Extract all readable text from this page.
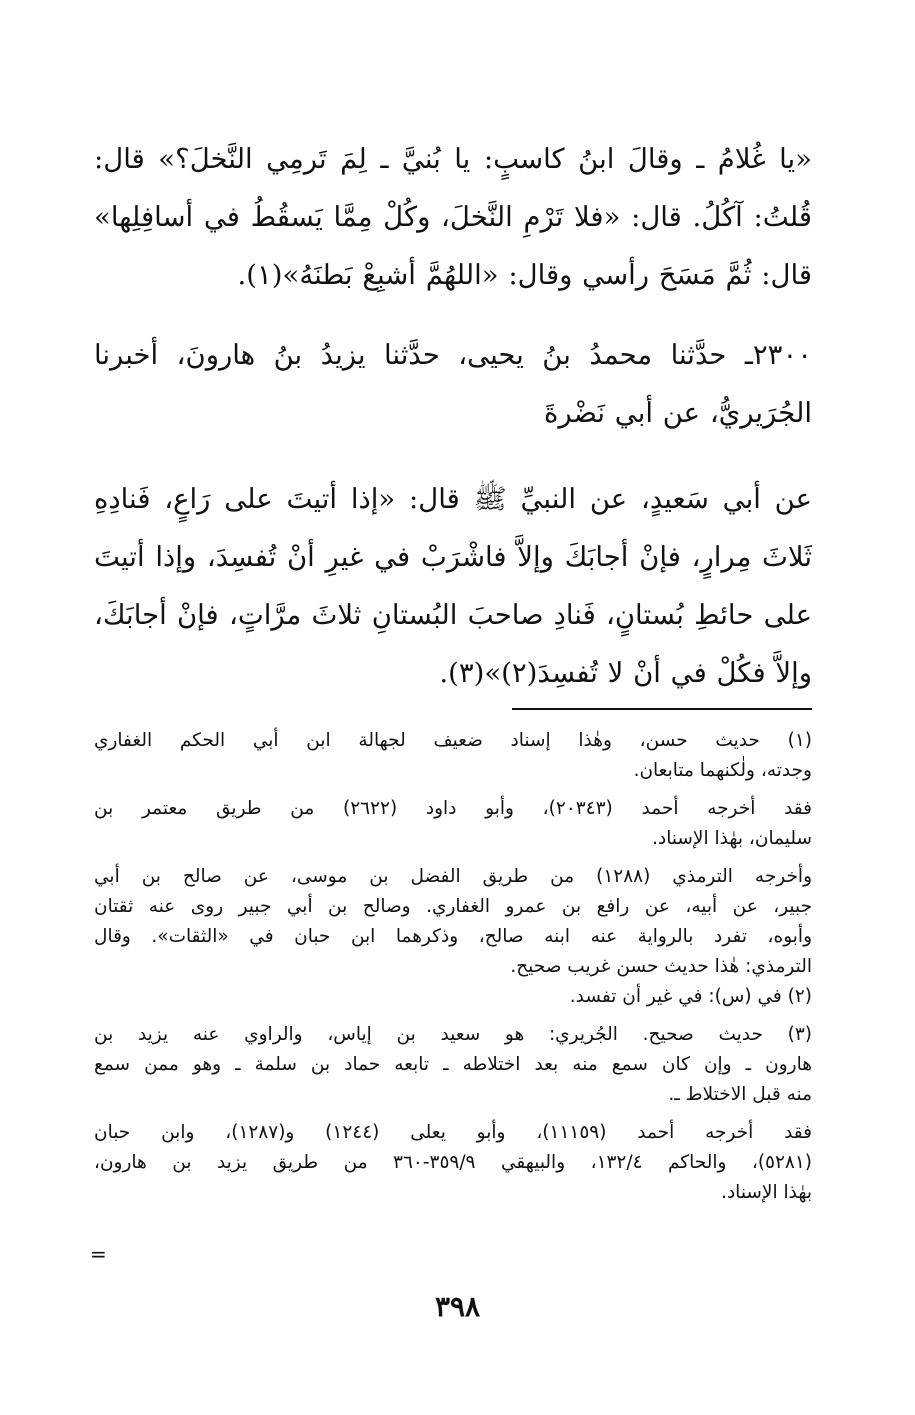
«يا غُلامُ ـ وقالَ ابنُ كاسبٍ: يا بُنيَّ ـ لِمَ تَرمِي النَّخلَ؟» قال:
قُلتُ: آكُلُ. قال: «فلا تَرْمِ النَّخلَ، وكُلْ مِمَّا يَسقُطُ في أسافِلِها»
قال: ثُمَّ مَسَحَ رأسي وقال: «اللهُمَّ أشبِعْ بَطنَهُ»(١).
٢٣٠٠ـ حدَّثنا محمدُ بنُ يحيى، حدَّثنا يزيدُ بنُ هارونَ، أخبرنا
الجُرَيريُّ، عن أبي نَضْرةَ
عن أبي سَعيدٍ، عن النبيِّ ﷺ قال: «إذا أتيتَ على رَاعٍ، فَنادِهِ
ثَلاثَ مِرارٍ، فإنْ أجابَكَ وإلاَّ فاشْرَبْ في غيرِ أنْ تُفسِدَ، وإذا أتيتَ
على حائطِ بُستانٍ، فَنادِ صاحبَ البُستانِ ثلاثَ مرَّاتٍ، فإنْ أجابَكَ،
وإلاَّ فكُلْ في أنْ لا تُفسِدَ(٢)»(٣).
(١) حديث حسن، وهٰذا إسناد ضعيف لجهالة ابن أبي الحكم الغفاري
وجدته، ولٰكنهما متابعان.
فقد أخرجه أحمد (٢٠٣٤٣)، وأبو داود (٢٦٢٢) من طريق معتمر بن
سليمان، بهٰذا الإسناد.
وأخرجه الترمذي (١٢٨٨) من طريق الفضل بن موسى، عن صالح بن أبي
جبير، عن أبيه، عن رافع بن عمرو الغفاري. وصالح بن أبي جبير روى عنه ثقتان
وأبوه، تفرد بالرواية عنه ابنه صالح، وذكرهما ابن حبان في «الثقات». وقال
الترمذي: هٰذا حديث حسن غريب صحيح.
(٢) في (س): في غير أن تفسد.
(٣) حديث صحيح. الجُريري: هو سعيد بن إياس، والراوي عنه يزيد بن
هارون ـ وإن كان سمع منه بعد اختلاطه ـ تابعه حماد بن سلمة ـ وهو ممن سمع
منه قبل الاختلاط ـ.
فقد أخرجه أحمد (١١١٥٩)، وأبو يعلى (١٢٤٤) و(١٢٨٧)، وابن حبان
(٥٢٨١)، والحاكم ١٣٢/٤، والبيهقي ٣٥٩/٩-٣٦٠ من طريق يزيد بن هارون،
بهٰذا الإسناد.
=
٣٩٨
